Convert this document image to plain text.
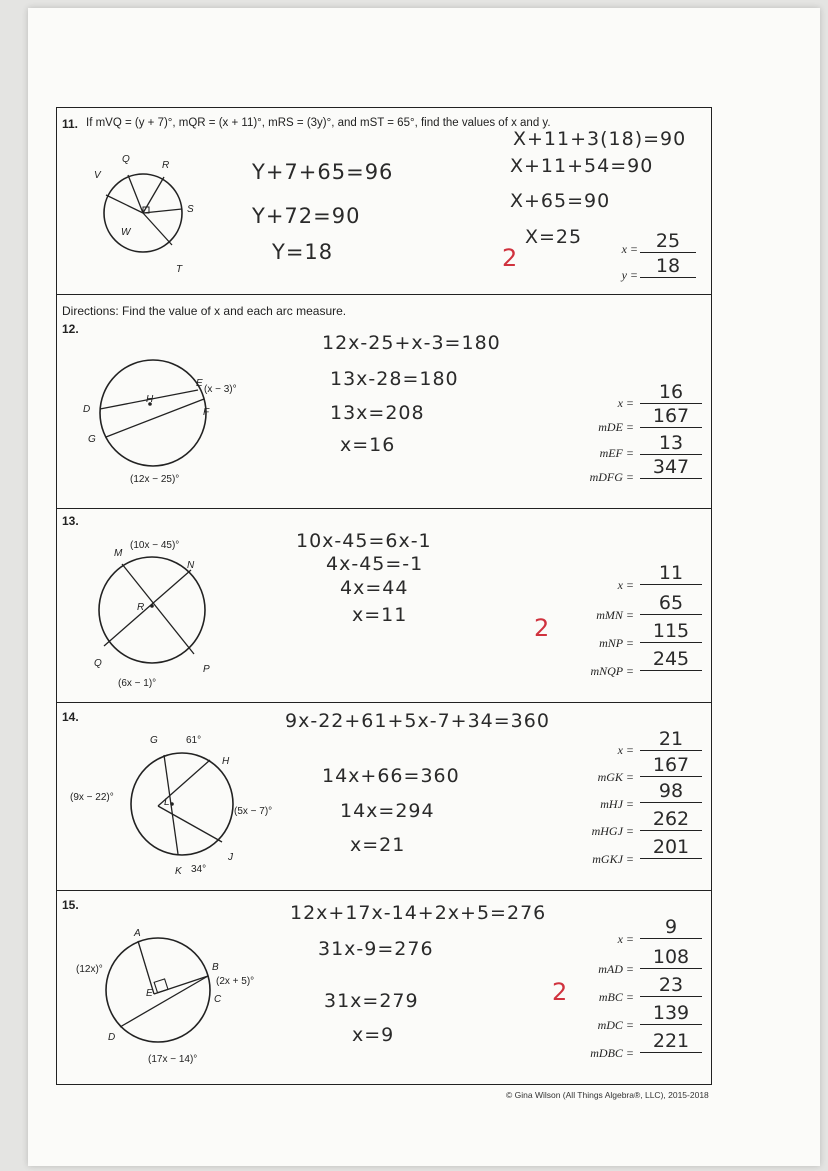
11. If mVQ = (y + 7)°, mQR = (x + 11)°, mRS = (3y)°, and mST = 65°, find the values of x and y.
V
Q
R
S
T
W
Y+7+65=96
Y+72=90
Y=18
X+11+3(18)=90
X+11+54=90
X+65=90
X=25
2	x = 25
y = 18
Directions: Find the value of x and each arc measure.
12.
D
G
H
E
F
(x − 3)°
(12x − 25)°
12x-25+x-3=180
13x-28=180
13x=208
x=16
x =	16
mDE = 167
mEF =	13
mDFG = 347
13.
M
N
R
Q
P
(10x − 45)°
(6x − 1)°
10x-45=6x-1
4x-45=-1
4x=44
x=11	2
x =
11
mMN =
65
mNP =
115
mNQP =
245
14.
G	61°
H
L
K 34°
J
(9x − 22)°
(5x − 7)°
9x-22+61+5x-7+34=360
14x+66=360
14x=294
x=21
x =	21
mGK =
167
mHJ =
98
mHGJ =
262
mGKJ =
201
15.
A
B
C
D
E
(12x)°
(2x + 5)°
(17x − 14)°
12x+17x-14+2x+5=276
31x-9=276
31x=279
x=9
2
x =
9
mAD =
108
mBC =
23
mDC =
139
mDBC =
221
© Gina Wilson (All Things Algebra®, LLC), 2015-2018
